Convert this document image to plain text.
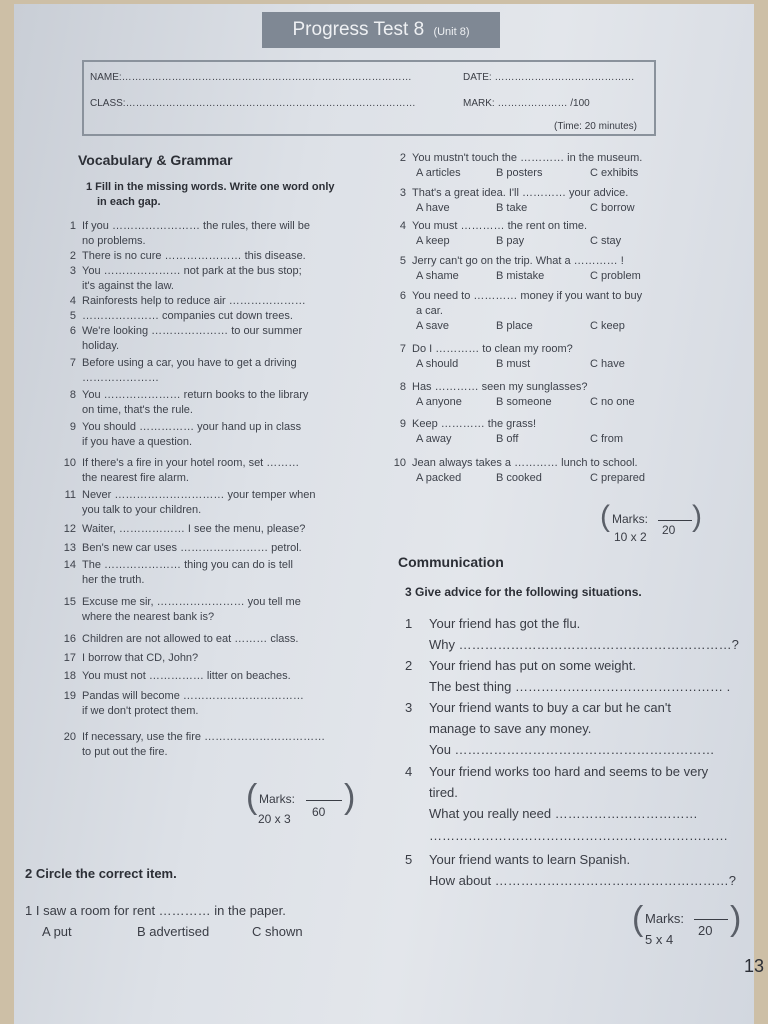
Progress Test 8 (Unit 8)
NAME:……………………………………………………………………………	DATE: ……………………………………
CLASS:……………………………………………………………………………	MARK: ………………… /100
(Time: 20 minutes)
Vocabulary & Grammar
1 Fill in the missing words. Write one word only
in each gap.
1 If you …………………… the rules, there will be
no problems.
2 There is no cure ………………… this disease.
3 You ………………… not park at the bus stop;
it's against the law.
4 Rainforests help to reduce air …………………
5 ………………… companies cut down trees.
6 We're looking ………………… to our summer
holiday.
7 Before using a car, you have to get a driving
…………………
8 You ………………… return books to the library
on time, that's the rule.
9 You should …………… your hand up in class
if you have a question.
10 If there's a fire in your hotel room, set ………
the nearest fire alarm.
11 Never ………………………… your temper when
you talk to your children.
12 Waiter, ……………… I see the menu, please?
13 Ben's new car uses …………………… petrol.
14 The ………………… thing you can do is tell
her the truth.
15 Excuse me sir, …………………… you tell me
where the nearest bank is?
16 Children are not allowed to eat ……… class.
17 I borrow that CD, John?
18 You must not …………… litter on beaches.
19 Pandas will become ……………………………
if we don't protect them.
20 If necessary, use the fire ……………………………
to put out the fire.
( Marks:
20 x 3 60 )
2 Circle the correct item.
1 I saw a room for rent ………… in the paper.
A put	B advertised	C shown
2 You mustn't touch the ………… in the museum.
A articles	B posters	C exhibits
3 That's a great idea. I'll ………… your advice.
A have	B take	C borrow
4 You must ………… the rent on time.
A keep	B pay	C stay
5 Jerry can't go on the trip. What a ………… !
A shame	B mistake	C problem
6 You need to ………… money if you want to buy
a car.
A save	B place	C keep
7 Do I ………… to clean my room?
A should	B must	C have
8 Has ………… seen my sunglasses?
A anyone	B someone	C no one
9 Keep ………… the grass!
A away	B off	C from
10 Jean always takes a ………… lunch to school.
A packed	B cooked	C prepared
( Marks:
10 x 2 20 )
Communication
3 Give advice for the following situations.
1 Your friend has got the flu.
Why ………………………………………………………?
2 Your friend has put on some weight.
The best thing ………………………………………… .
3 Your friend wants to buy a car but he can't
manage to save any money.
You ……………………………………………………
4 Your friend works too hard and seems to be very
tired.
What you really need ……………………………
5 Your friend wants to learn Spanish.
How about ………………………………………………?
……………………………………………………………
( Marks:
5 x 4
20 )
13
